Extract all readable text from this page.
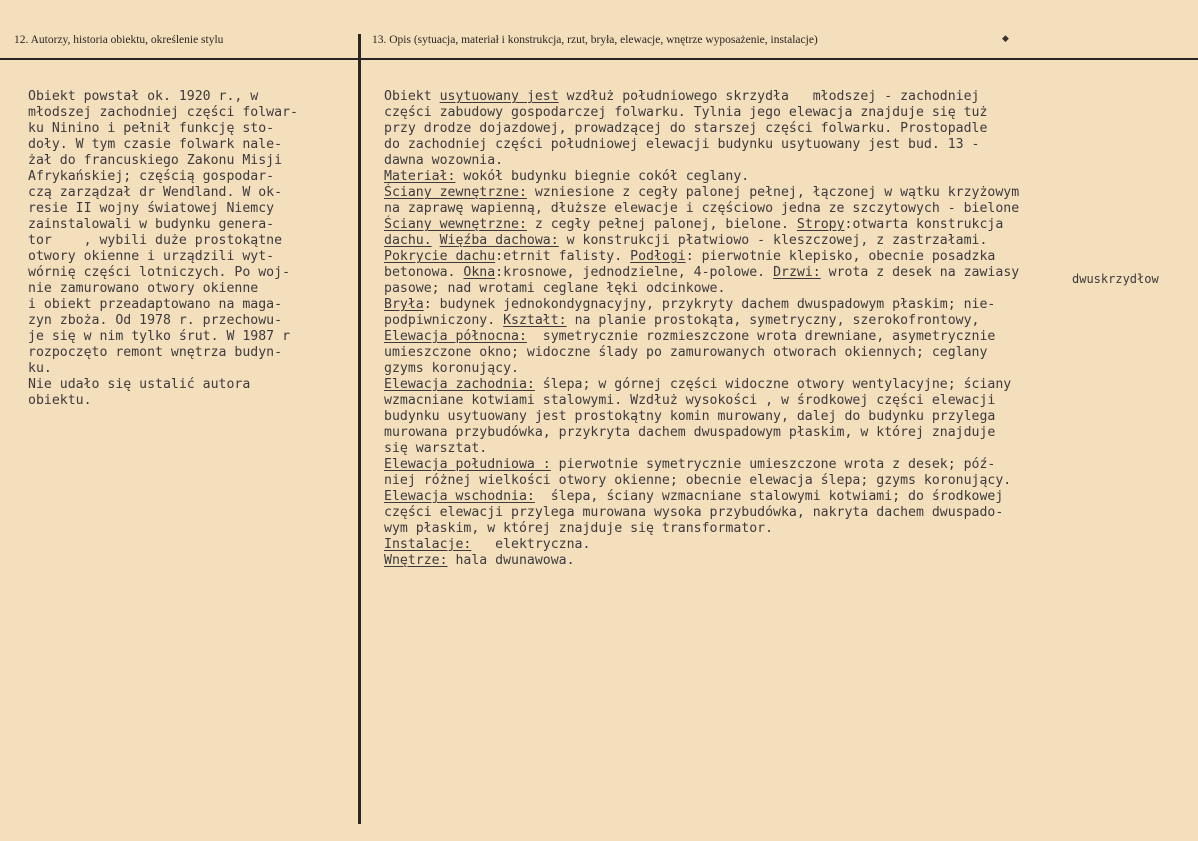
12. Autorzy, historia obiektu, określenie stylu	13. Opis (sytuacja, materiał i konstrukcja, rzut, bryła, elewacje, wnętrze wyposażenie, instalacje)	◆
Obiekt powstał ok. 1920 r., w
młodszej zachodniej części folwar-
ku Ninino i pełnił funkcję sto-
doły. W tym czasie folwark nale-
żał do francuskiego Zakonu Misji
Afrykańskiej; częścią gospodar-
czą zarządzał dr Wendland. W ok-
resie II wojny światowej Niemcy
zainstalowali w budynku genera-
tor    , wybili duże prostokątne
otwory okienne i urządzili wyt-
wórnię części lotniczych. Po woj-
nie zamurowano otwory okienne
i obiekt przeadaptowano na maga-
zyn zboża. Od 1978 r. przechowu-
je się w nim tylko śrut. W 1987 r
rozpoczęto remont wnętrza budyn-
ku.
Nie udało się ustalić autora
obiektu.
Obiekt usytuowany jest wzdłuż południowego skrzydła   młodszej - zachodniej
części zabudowy gospodarczej folwarku. Tylnia jego elewacja znajduje się tuż
przy drodze dojazdowej, prowadzącej do starszej części folwarku. Prostopadle
do zachodniej części południowej elewacji budynku usytuowany jest bud. 13 -
dawna wozownia.
Materiał: wokół budynku biegnie cokół ceglany.
Ściany zewnętrzne: wzniesione z cegły palonej pełnej, łączonej w wątku krzyżowym
na zaprawę wapienną, dłuższe elewacje i częściowo jedna ze szczytowych - bielone
Ściany wewnętrzne: z cegły pełnej palonej, bielone. Stropy:otwarta konstrukcja
dachu. Więźba dachowa: w konstrukcji płatwiowo - kleszczowej, z zastrzałami.
Pokrycie dachu:etrnit falisty. Podłogi: pierwotnie klepisko, obecnie posadzka
betonowa. Okna:krosnowe, jednodzielne, 4-polowe. Drzwi: wrota z desek na zawiasy
pasowe; nad wrotami ceglane łęki odcinkowe.
Bryła: budynek jednokondygnacyjny, przykryty dachem dwuspadowym płaskim; nie-
podpiwniczony. Kształt: na planie prostokąta, symetryczny, szerokofrontowy,
Elewacja północna:  symetrycznie rozmieszczone wrota drewniane, asymetrycznie
umieszczone okno; widoczne ślady po zamurowanych otworach okiennych; ceglany
gzyms koronujący.
Elewacja zachodnia: ślepa; w górnej części widoczne otwory wentylacyjne; ściany
wzmacniane kotwiami stalowymi. Wzdłuż wysokości , w środkowej części elewacji
budynku usytuowany jest prostokątny komin murowany, dalej do budynku przylega
murowana przybudówka, przykryta dachem dwuspadowym płaskim, w której znajduje
się warsztat.
Elewacja południowa : pierwotnie symetrycznie umieszczone wrota z desek; póź-
niej różnej wielkości otwory okienne; obecnie elewacja ślepa; gzyms koronujący.
Elewacja wschodnia:  ślepa, ściany wzmacniane stalowymi kotwiami; do środkowej
części elewacji przylega murowana wysoka przybudówka, nakryta dachem dwuspado-
wym płaskim, w której znajduje się transformator.
Instalacje:   elektryczna.
Wnętrze: hala dwunawowa.
dwuskrzydłow
